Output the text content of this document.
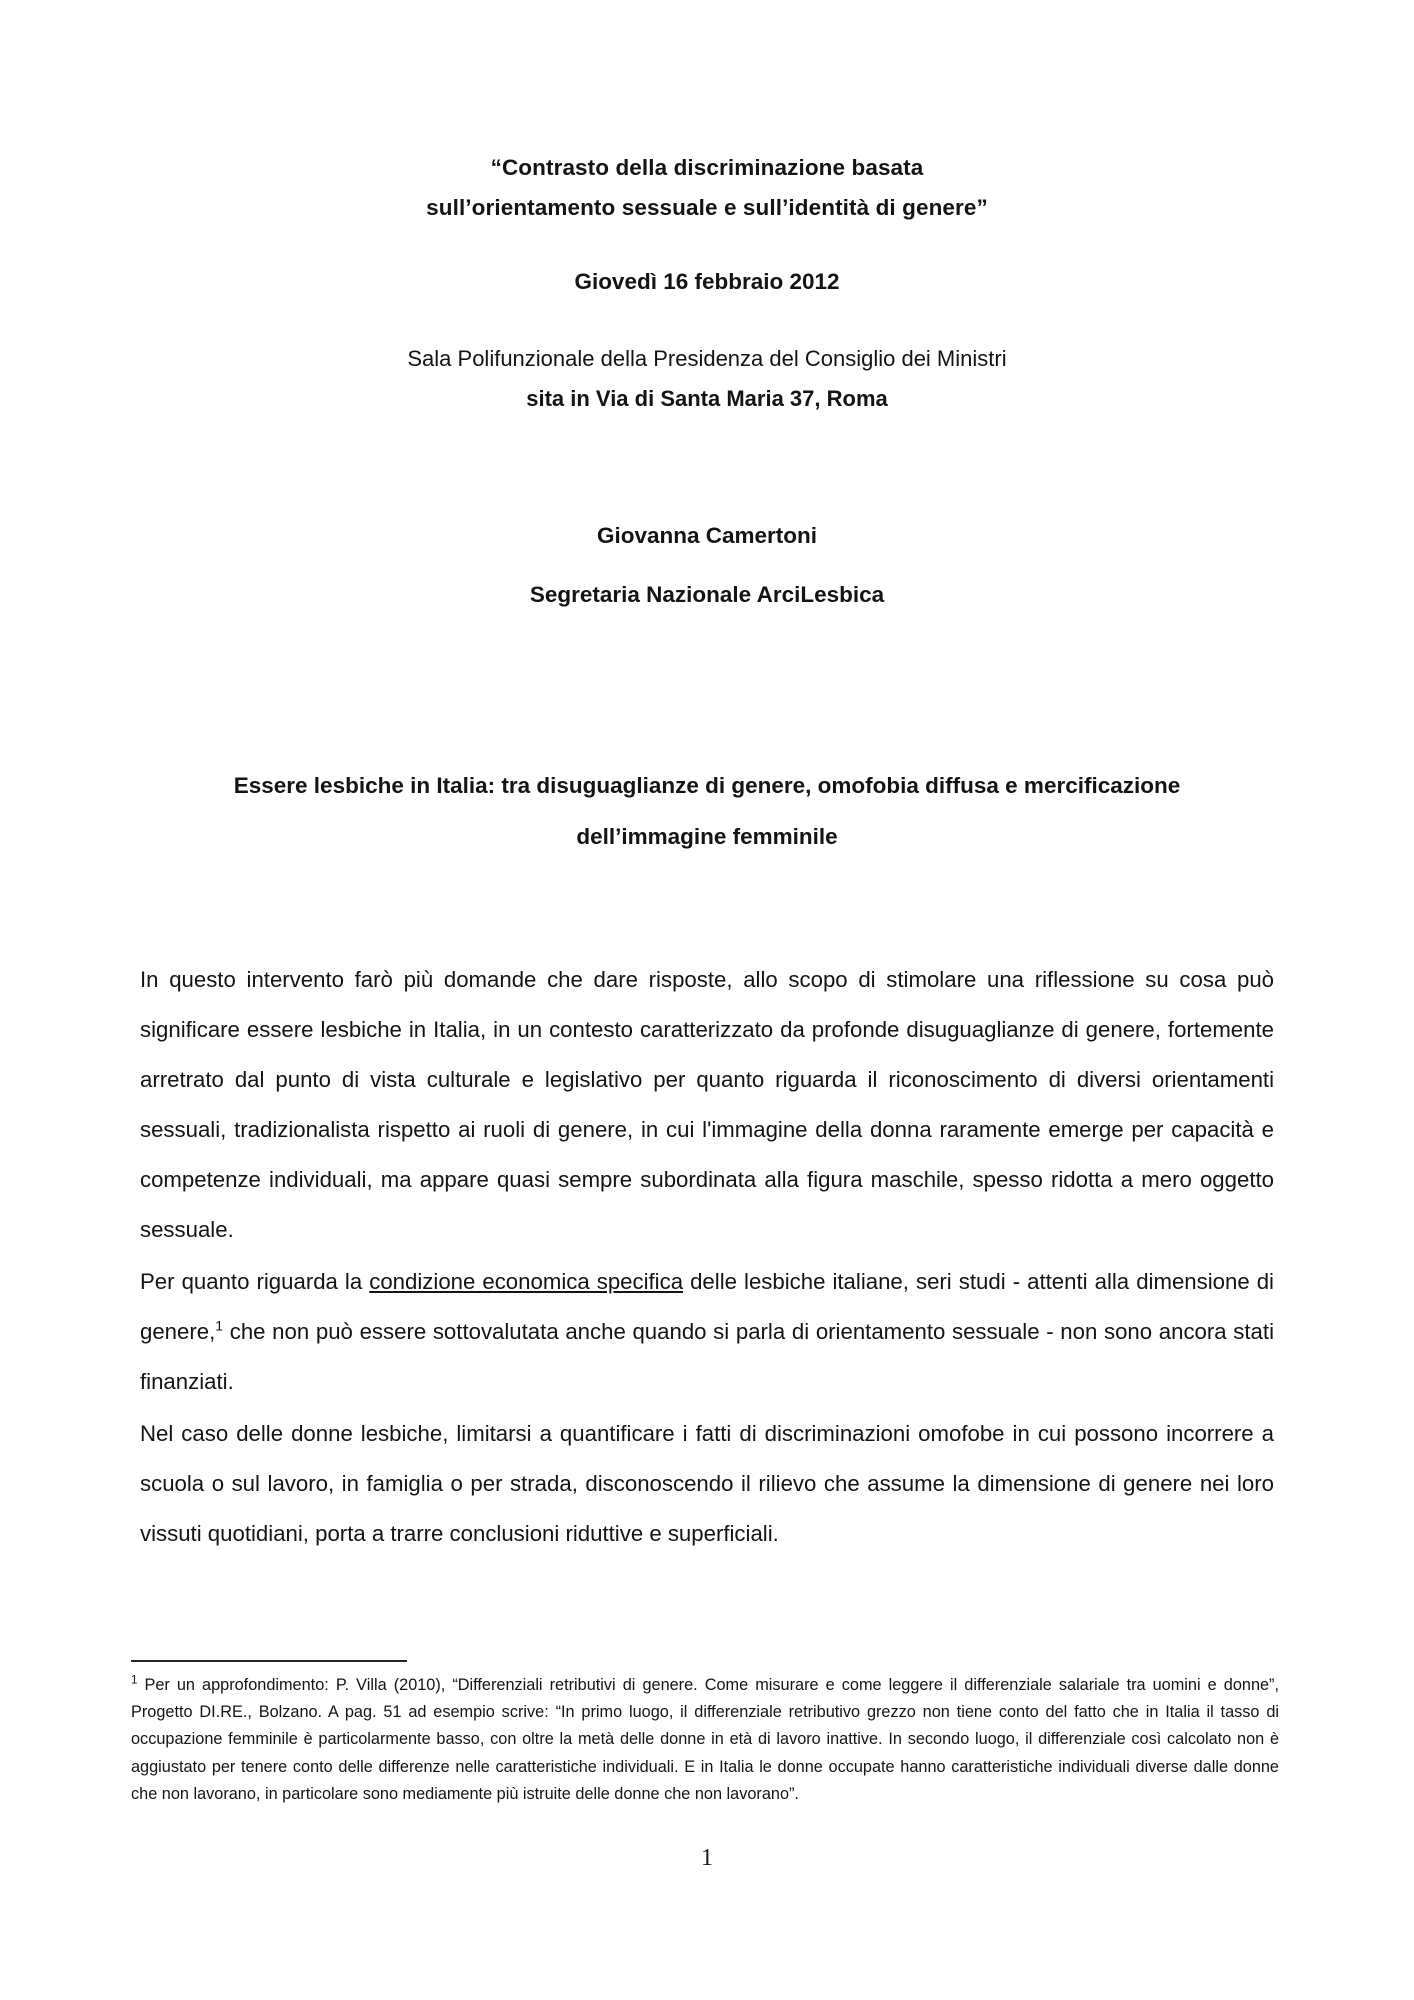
“Contrasto della discriminazione basata
sull’orientamento sessuale e sull’identità di genere”
Giovedì 16 febbraio 2012
Sala Polifunzionale della Presidenza del Consiglio dei Ministri
sita in Via di Santa Maria 37, Roma
Giovanna Camertoni
Segretaria Nazionale ArciLesbica
Essere lesbiche in Italia: tra disuguaglianze di genere, omofobia diffusa e mercificazione
dell’immagine femminile

In questo intervento farò più domande che dare risposte, allo scopo di stimolare una riflessione su cosa può significare essere lesbiche in Italia, in un contesto caratterizzato da profonde disuguaglianze di genere, fortemente arretrato dal punto di vista culturale e legislativo per quanto riguarda il riconoscimento di diversi orientamenti sessuali, tradizionalista rispetto ai ruoli di genere, in cui l'immagine della donna raramente emerge per capacità e competenze individuali, ma appare quasi sempre subordinata alla figura maschile, spesso ridotta a mero oggetto sessuale.

Per quanto riguarda la condizione economica specifica delle lesbiche italiane, seri studi - attenti alla dimensione di genere,$^1$ che non può essere sottovalutata anche quando si parla di orientamento sessuale - non sono ancora stati finanziati.

Nel caso delle donne lesbiche, limitarsi a quantificare i fatti di discriminazioni omofobe in cui possono incorrere a scuola o sul lavoro, in famiglia o per strada, disconoscendo il rilievo che assume la dimensione di genere nei loro vissuti quotidiani, porta a trarre conclusioni riduttive e superficiali.

$^1$ Per un approfondimento: P. Villa (2010), “Differenziali retributivi di genere. Come misurare e come leggere il differenziale salariale tra uomini e donne”, Progetto DI.RE., Bolzano. A pag. 51 ad esempio scrive: “In primo luogo, il differenziale retributivo grezzo non tiene conto del fatto che in Italia il tasso di occupazione femminile è particolarmente basso, con oltre la metà delle donne in età di lavoro inattive. In secondo luogo, il differenziale così calcolato non è aggiustato per tenere conto delle differenze nelle caratteristiche individuali. E in Italia le donne occupate hanno caratteristiche individuali diverse dalle donne che non lavorano, in particolare sono mediamente più istruite delle donne che non lavorano”.

1
